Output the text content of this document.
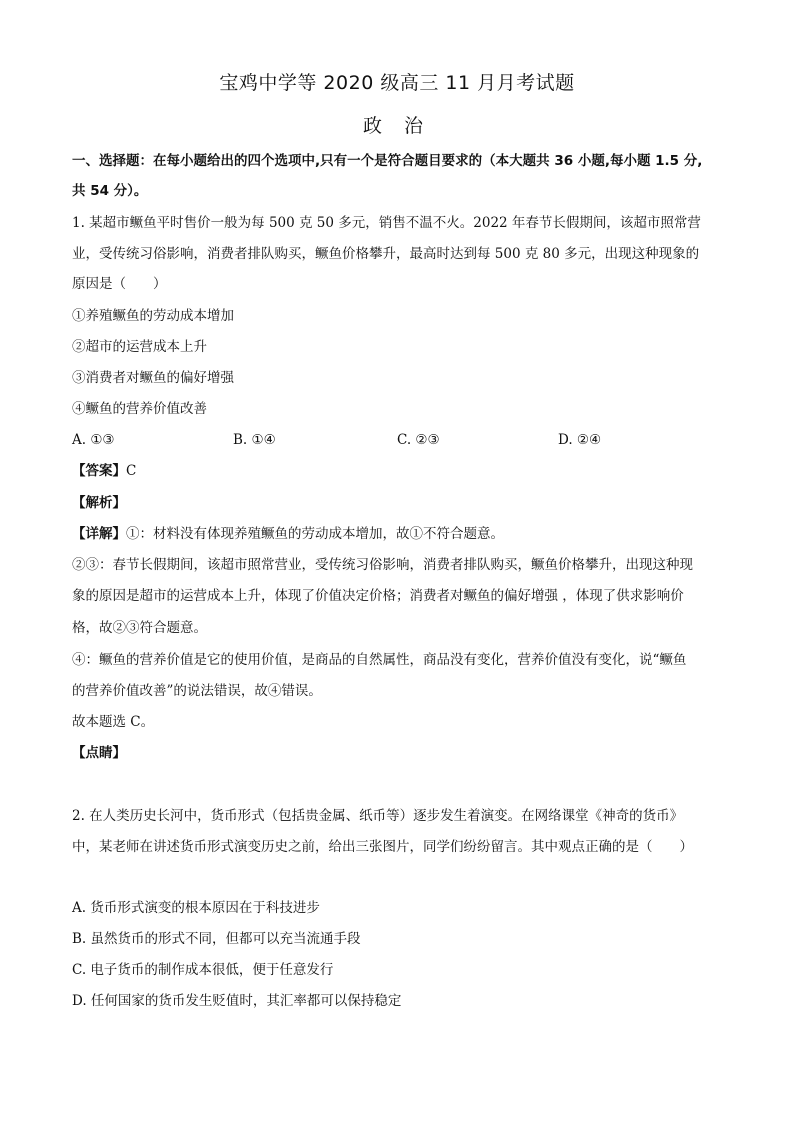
宝鸡中学等 2020 级高三 11 月月考试题
政 治
一、选择题：在每小题给出的四个选项中,只有一个是符合题目要求的（本大题共 36 小题,每小题 1.5 分,
共 54 分）。
1. 某超市鳜鱼平时售价一般为每 500 克 50 多元，销售不温不火。2022 年春节长假期间，该超市照常营
业，受传统习俗影响，消费者排队购买，鳜鱼价格攀升，最高时达到每 500 克 80 多元，出现这种现象的
原因是（　　）
①养殖鳜鱼的劳动成本增加
②超市的运营成本上升
③消费者对鳜鱼的偏好增强
④鳜鱼的营养价值改善
A. ①③	B. ①④	C. ②③	D. ②④
【答案】C
【解析】
【详解】①：材料没有体现养殖鳜鱼的劳动成本增加，故①不符合题意。
②③：春节长假期间，该超市照常营业，受传统习俗影响，消费者排队购买，鳜鱼价格攀升，出现这种现
象的原因是超市的运营成本上升，体现了价值决定价格；消费者对鳜鱼的偏好增强 ，体现了供求影响价
格，故②③符合题意。
④：鳜鱼的营养价值是它的使用价值，是商品的自然属性，商品没有变化，营养价值没有变化，说“鳜鱼
的营养价值改善”的说法错误，故④错误。
故本题选 C。
【点睛】
2. 在人类历史长河中，货币形式（包括贵金属、纸币等）逐步发生着演变。在网络课堂《神奇的货币》
中，某老师在讲述货币形式演变历史之前，给出三张图片，同学们纷纷留言。其中观点正确的是（　　）
A. 货币形式演变的根本原因在于科技进步
B. 虽然货币的形式不同，但都可以充当流通手段
C. 电子货币的制作成本很低，便于任意发行
D. 任何国家的货币发生贬值时，其汇率都可以保持稳定
